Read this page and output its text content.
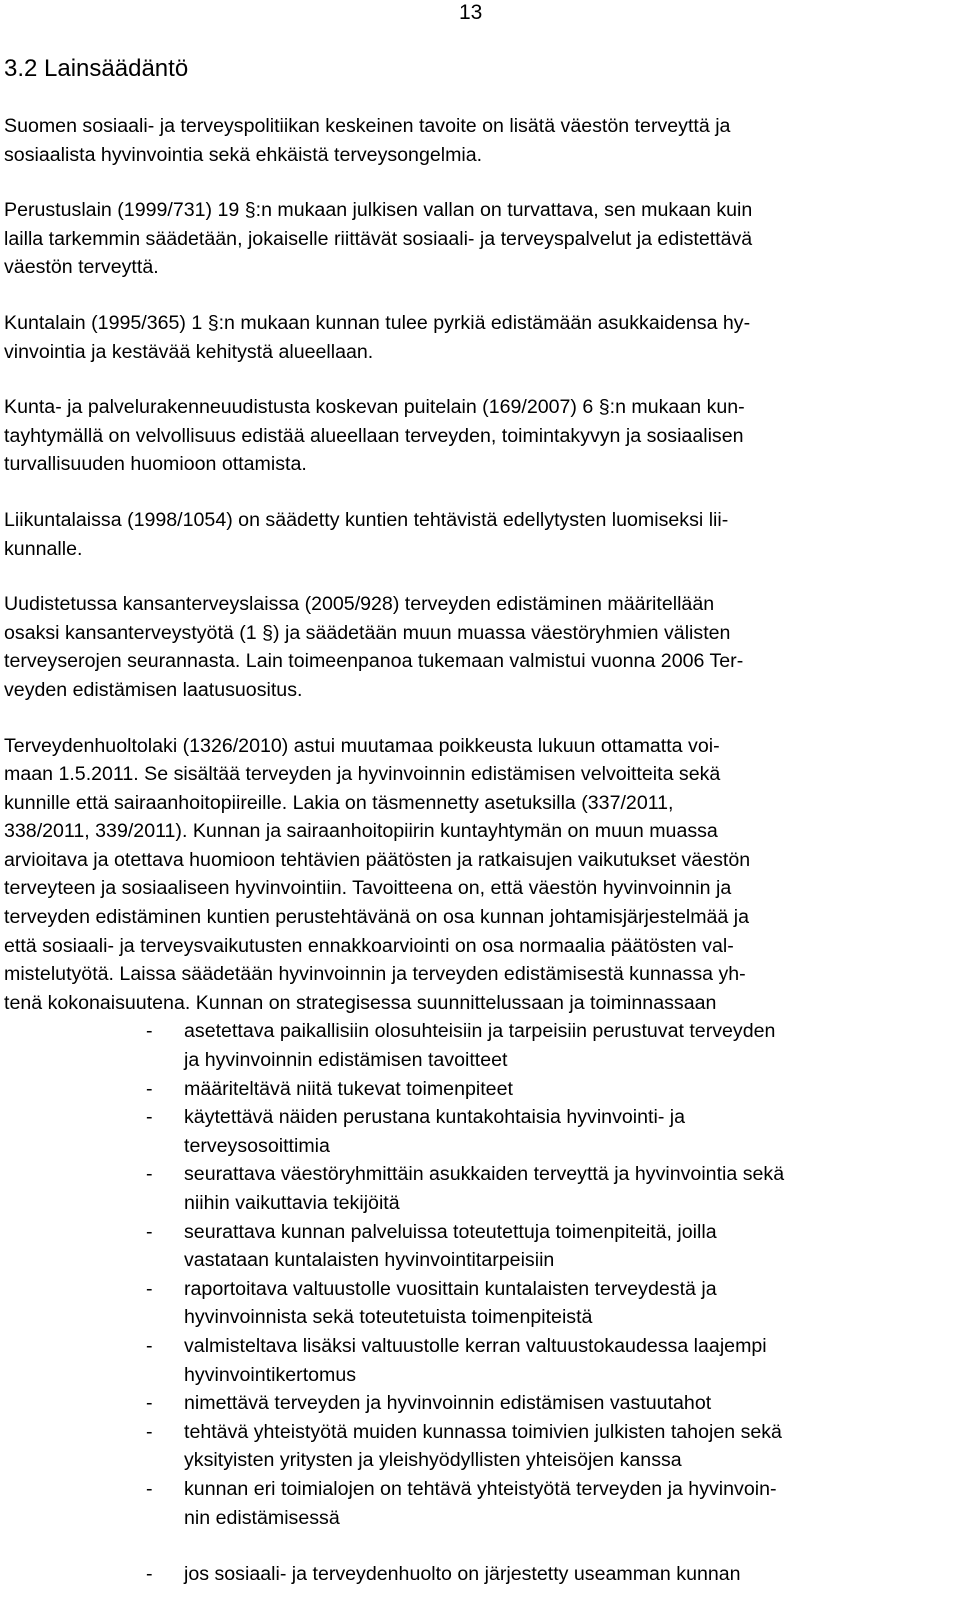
13
3.2 Lainsäädäntö

Suomen sosiaali- ja terveyspolitiikan keskeinen tavoite on lisätä väestön terveyttä ja
sosiaalista hyvinvointia sekä ehkäistä terveysongelmia.

Perustuslain (1999/731) 19 §:n mukaan julkisen vallan on turvattava, sen mukaan kuin
lailla tarkemmin säädetään, jokaiselle riittävät sosiaali- ja terveyspalvelut ja edistettävä
väestön terveyttä.

Kuntalain (1995/365) 1 §:n mukaan kunnan tulee pyrkiä edistämään asukkaidensa hy-
vinvointia ja kestävää kehitystä alueellaan.

Kunta- ja palvelurakenneuudistusta koskevan puitelain (169/2007) 6 §:n mukaan kun-
tayhtymällä on velvollisuus edistää alueellaan terveyden, toimintakyvyn ja sosiaalisen
turvallisuuden huomioon ottamista.

Liikuntalaissa (1998/1054) on säädetty kuntien tehtävistä edellytysten luomiseksi lii-
kunnalle.

Uudistetussa kansanterveyslaissa (2005/928) terveyden edistäminen määritellään
osaksi kansanterveystyötä (1 §) ja säädetään muun muassa väestöryhmien välisten
terveyserojen seurannasta. Lain toimeenpanoa tukemaan valmistui vuonna 2006 Ter-
veyden edistämisen laatusuositus.

Terveydenhuoltolaki (1326/2010) astui muutamaa poikkeusta lukuun ottamatta voi-
maan 1.5.2011. Se sisältää terveyden ja hyvinvoinnin edistämisen velvoitteita sekä
kunnille että sairaanhoitopiireille. Lakia on täsmennetty asetuksilla (337/2011,
338/2011, 339/2011). Kunnan ja sairaanhoitopiirin kuntayhtymän on muun muassa
arvioitava ja otettava huomioon tehtävien päätösten ja ratkaisujen vaikutukset väestön
terveyteen ja sosiaaliseen hyvinvointiin. Tavoitteena on, että väestön hyvinvoinnin ja
terveyden edistäminen kuntien perustehtävänä on osa kunnan johtamisjärjestelmää ja
että sosiaali- ja terveysvaikutusten ennakkoarviointi on osa normaalia päätösten val-
mistelutyötä. Laissa säädetään hyvinvoinnin ja terveyden edistämisestä kunnassa yh-
tenä kokonaisuutena. Kunnan on strategisessa suunnittelussaan ja toiminnassaan

- asetettava paikallisiin olosuhteisiin ja tarpeisiin perustuvat terveyden
ja hyvinvoinnin edistämisen tavoitteet
- määriteltävä niitä tukevat toimenpiteet
- käytettävä näiden perustana kuntakohtaisia hyvinvointi- ja
terveysosoittimia
- seurattava väestöryhmittäin asukkaiden terveyttä ja hyvinvointia sekä
niihin vaikuttavia tekijöitä
- seurattava kunnan palveluissa toteutettuja toimenpiteitä, joilla
vastataan kuntalaisten hyvinvointitarpeisiin
- raportoitava valtuustolle vuosittain kuntalaisten terveydestä ja
hyvinvoinnista sekä toteutetuista toimenpiteistä
- valmisteltava lisäksi valtuustolle kerran valtuustokaudessa laajempi
hyvinvointikertomus
- nimettävä terveyden ja hyvinvoinnin edistämisen vastuutahot
- tehtävä yhteistyötä muiden kunnassa toimivien julkisten tahojen sekä
yksityisten yritysten ja yleishyödyllisten yhteisöjen kanssa
- kunnan eri toimialojen on tehtävä yhteistyötä terveyden ja hyvinvoin-
nin edistämisessä
- jos sosiaali- ja terveydenhuolto on järjestetty useamman kunnan
